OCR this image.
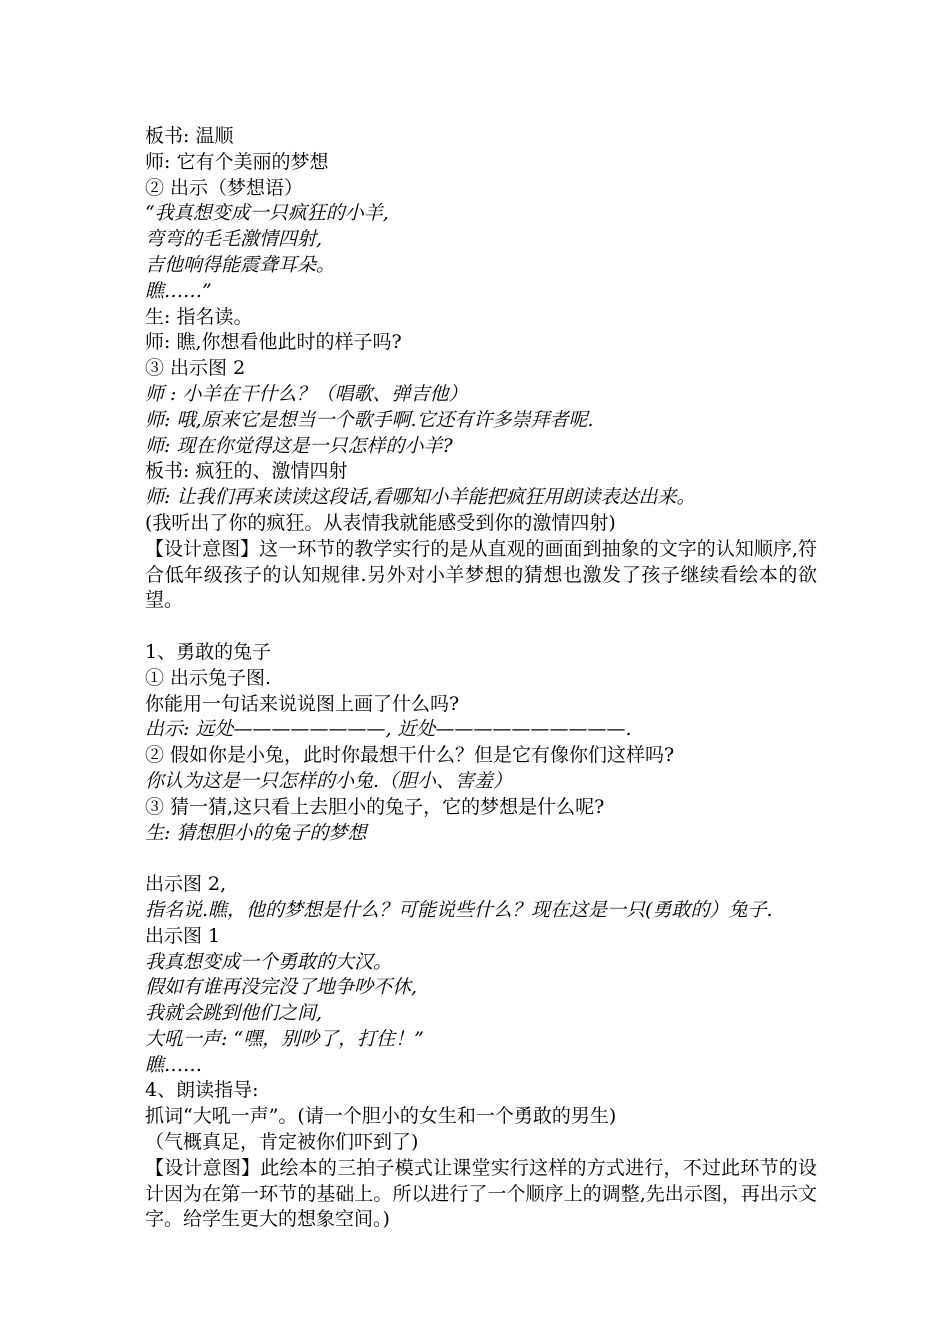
板书: 温顺
师: 它有个美丽的梦想
② 出示（梦想语）
“我真想变成一只疯狂的小羊,
弯弯的毛毛激情四射,
吉他响得能震聋耳朵。
瞧……”
生: 指名读。
师: 瞧,你想看他此时的样子吗?
③ 出示图 2
师 : 小羊在干什么？（唱歌、弹吉他）
师: 哦,原来它是想当一个歌手啊.它还有许多崇拜者呢.
师: 现在你觉得这是一只怎样的小羊?
板书: 疯狂的、激情四射
师: 让我们再来读读这段话,看哪知小羊能把疯狂用朗读表达出来。
(我听出了你的疯狂。从表情我就能感受到你的激情四射)
【设计意图】这一环节的教学实行的是从直观的画面到抽象的文字的认知顺序,符合低年级孩子的认知规律.另外对小羊梦想的猜想也激发了孩子继续看绘本的欲望。
1、勇敢的兔子
① 出示兔子图.
你能用一句话来说说图上画了什么吗?
出示: 远处————————, 近处——————————.
② 假如你是小兔，此时你最想干什么？但是它有像你们这样吗?
你认为这是一只怎样的小兔.（胆小、害羞）
③ 猜一猜,这只看上去胆小的兔子，它的梦想是什么呢?
生: 猜想胆小的兔子的梦想
出示图 2,
指名说.瞧，他的梦想是什么？可能说些什么？现在这是一只(勇敢的）兔子.
出示图 1
我真想变成一个勇敢的大汉。
假如有谁再没完没了地争吵不休,
我就会跳到他们之间,
大吼一声: “嘿，别吵了，打住！”
瞧……
4、朗读指导:
抓词“大吼一声”。(请一个胆小的女生和一个勇敢的男生)
（气概真足，肯定被你们吓到了)
【设计意图】此绘本的三拍子模式让课堂实行这样的方式进行，不过此环节的设计因为在第一环节的基础上。所以进行了一个顺序上的调整,先出示图，再出示文字。给学生更大的想象空间。)
